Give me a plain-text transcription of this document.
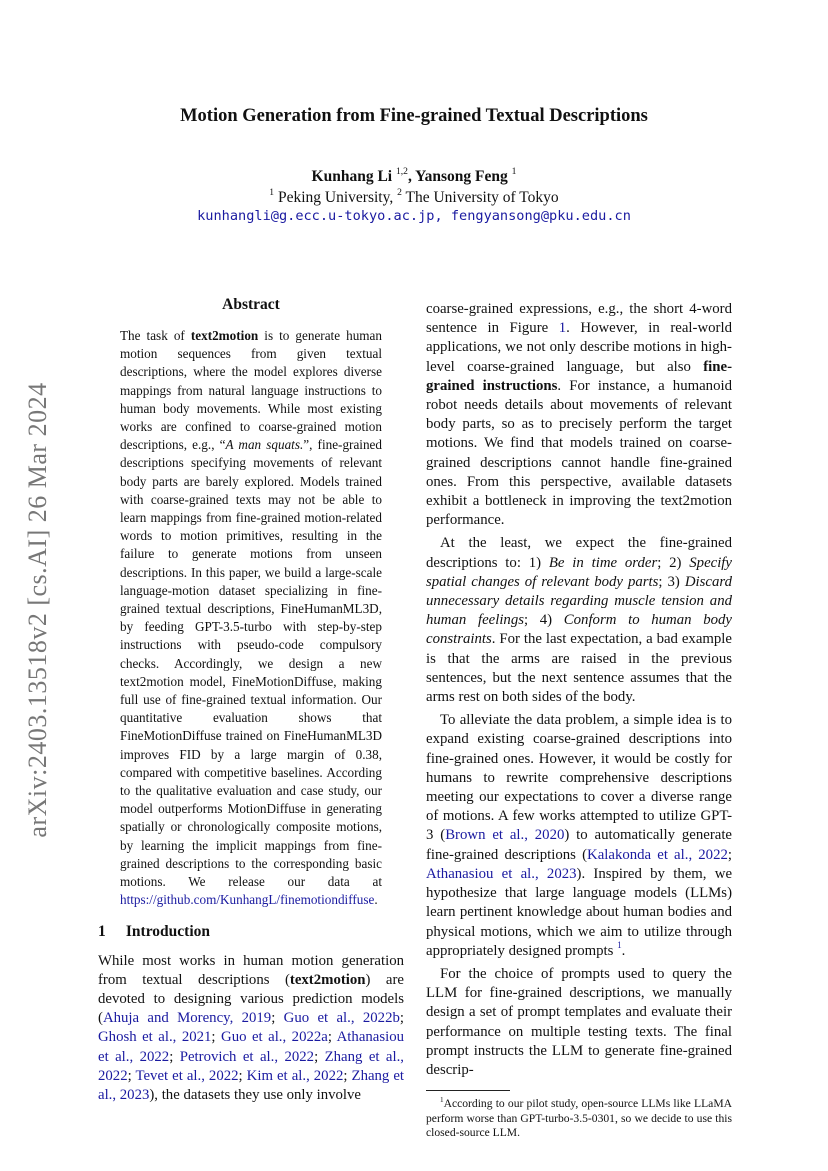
arXiv:2403.13518v2 [cs.AI] 26 Mar 2024
Motion Generation from Fine-grained Textual Descriptions
Kunhang Li $^{1,2}$, Yansong Feng $^1$
$^1$ Peking University, $^2$ The University of Tokyo
kunhangli@g.ecc.u-tokyo.ac.jp, fengyansong@pku.edu.cn
Abstract

The task of text2motion is to generate human motion sequences from given textual descriptions, where the model explores diverse mappings from natural language instructions to human body movements. While most existing works are confined to coarse-grained motion descriptions, e.g., “A man squats.”, fine-grained descriptions specifying movements of relevant body parts are barely explored. Models trained with coarse-grained texts may not be able to learn mappings from fine-grained motion-related words to motion primitives, resulting in the failure to generate motions from unseen descriptions. In this paper, we build a large-scale language-motion dataset specializing in fine-grained textual descriptions, FineHumanML3D, by feeding GPT-3.5-turbo with step-by-step instructions with pseudo-code compulsory checks. Accordingly, we design a new text2motion model, FineMotionDiffuse, making full use of fine-grained textual information. Our quantitative evaluation shows that FineMotionDiffuse trained on FineHumanML3D improves FID by a large margin of 0.38, compared with competitive baselines. According to the qualitative evaluation and case study, our model outperforms MotionDiffuse in generating spatially or chronologically composite motions, by learning the implicit mappings from fine-grained descriptions to the corresponding basic motions. We release our data at https://github.com/KunhangL/finemotiondiffuse.

1 Introduction

While most works in human motion generation from textual descriptions (text2motion) are devoted to designing various prediction models (Ahuja and Morency, 2019; Guo et al., 2022b; Ghosh et al., 2021; Guo et al., 2022a; Athanasiou et al., 2022; Petrovich et al., 2022; Zhang et al., 2022; Tevet et al., 2022; Kim et al., 2022; Zhang et al., 2023), the datasets they use only involve

coarse-grained expressions, e.g., the short 4-word sentence in Figure 1. However, in real-world applications, we not only describe motions in high-level coarse-grained language, but also fine-grained instructions. For instance, a humanoid robot needs details about movements of relevant body parts, so as to precisely perform the target motions. We find that models trained on coarse-grained descriptions cannot handle fine-grained ones. From this perspective, available datasets exhibit a bottleneck in improving the text2motion performance.

At the least, we expect the fine-grained descriptions to: 1) Be in time order; 2) Specify spatial changes of relevant body parts; 3) Discard unnecessary details regarding muscle tension and human feelings; 4) Conform to human body constraints. For the last expectation, a bad example is that the arms are raised in the previous sentences, but the next sentence assumes that the arms rest on both sides of the body.

To alleviate the data problem, a simple idea is to expand existing coarse-grained descriptions into fine-grained ones. However, it would be costly for humans to rewrite comprehensive descriptions meeting our expectations to cover a diverse range of motions. A few works attempted to utilize GPT-3 (Brown et al., 2020) to automatically generate fine-grained descriptions (Kalakonda et al., 2022; Athanasiou et al., 2023). Inspired by them, we hypothesize that large language models (LLMs) learn pertinent knowledge about human bodies and physical motions, which we aim to utilize through appropriately designed prompts $^1$.

For the choice of prompts used to query the LLM for fine-grained descriptions, we manually design a set of prompt templates and evaluate their performance on multiple testing texts. The final prompt instructs the LLM to generate fine-grained descrip-

$^1$According to our pilot study, open-source LLMs like LLaMA perform worse than GPT-turbo-3.5-0301, so we decide to use this closed-source LLM.
